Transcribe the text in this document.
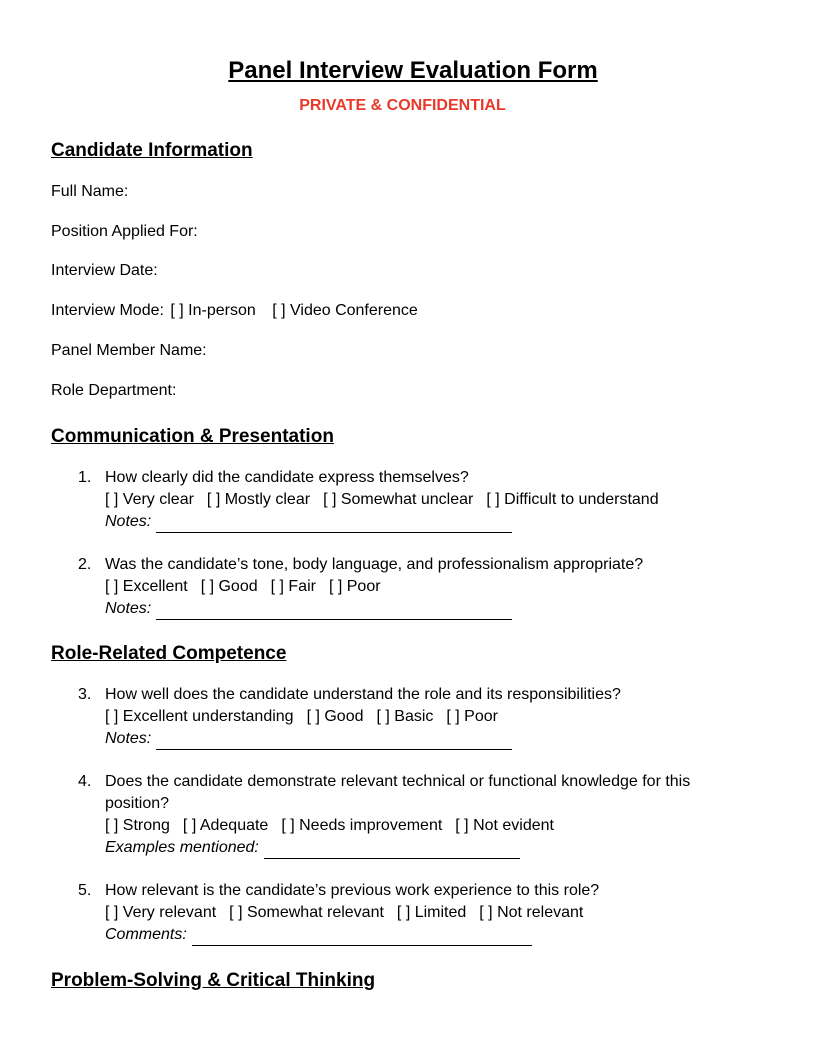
Panel Interview Evaluation Form
PRIVATE & CONFIDENTIAL
Candidate Information
Full Name:
Position Applied For:
Interview Date:
Interview Mode: [ ] In-person [ ] Video Conference
Panel Member Name:
Role Department:
Communication & Presentation
1. How clearly did the candidate express themselves?
[ ] Very clear [ ] Mostly clear [ ] Somewhat unclear [ ] Difficult to understand
Notes:
2. Was the candidate’s tone, body language, and professionalism appropriate?
[ ] Excellent [ ] Good [ ] Fair [ ] Poor
Notes:
Role-Related Competence
3. How well does the candidate understand the role and its responsibilities?
[ ] Excellent understanding [ ] Good [ ] Basic [ ] Poor
Notes:
4. Does the candidate demonstrate relevant technical or functional knowledge for this position?
[ ] Strong [ ] Adequate [ ] Needs improvement [ ] Not evident
Examples mentioned:
5. How relevant is the candidate’s previous work experience to this role?
[ ] Very relevant [ ] Somewhat relevant [ ] Limited [ ] Not relevant
Comments:
Problem-Solving & Critical Thinking
